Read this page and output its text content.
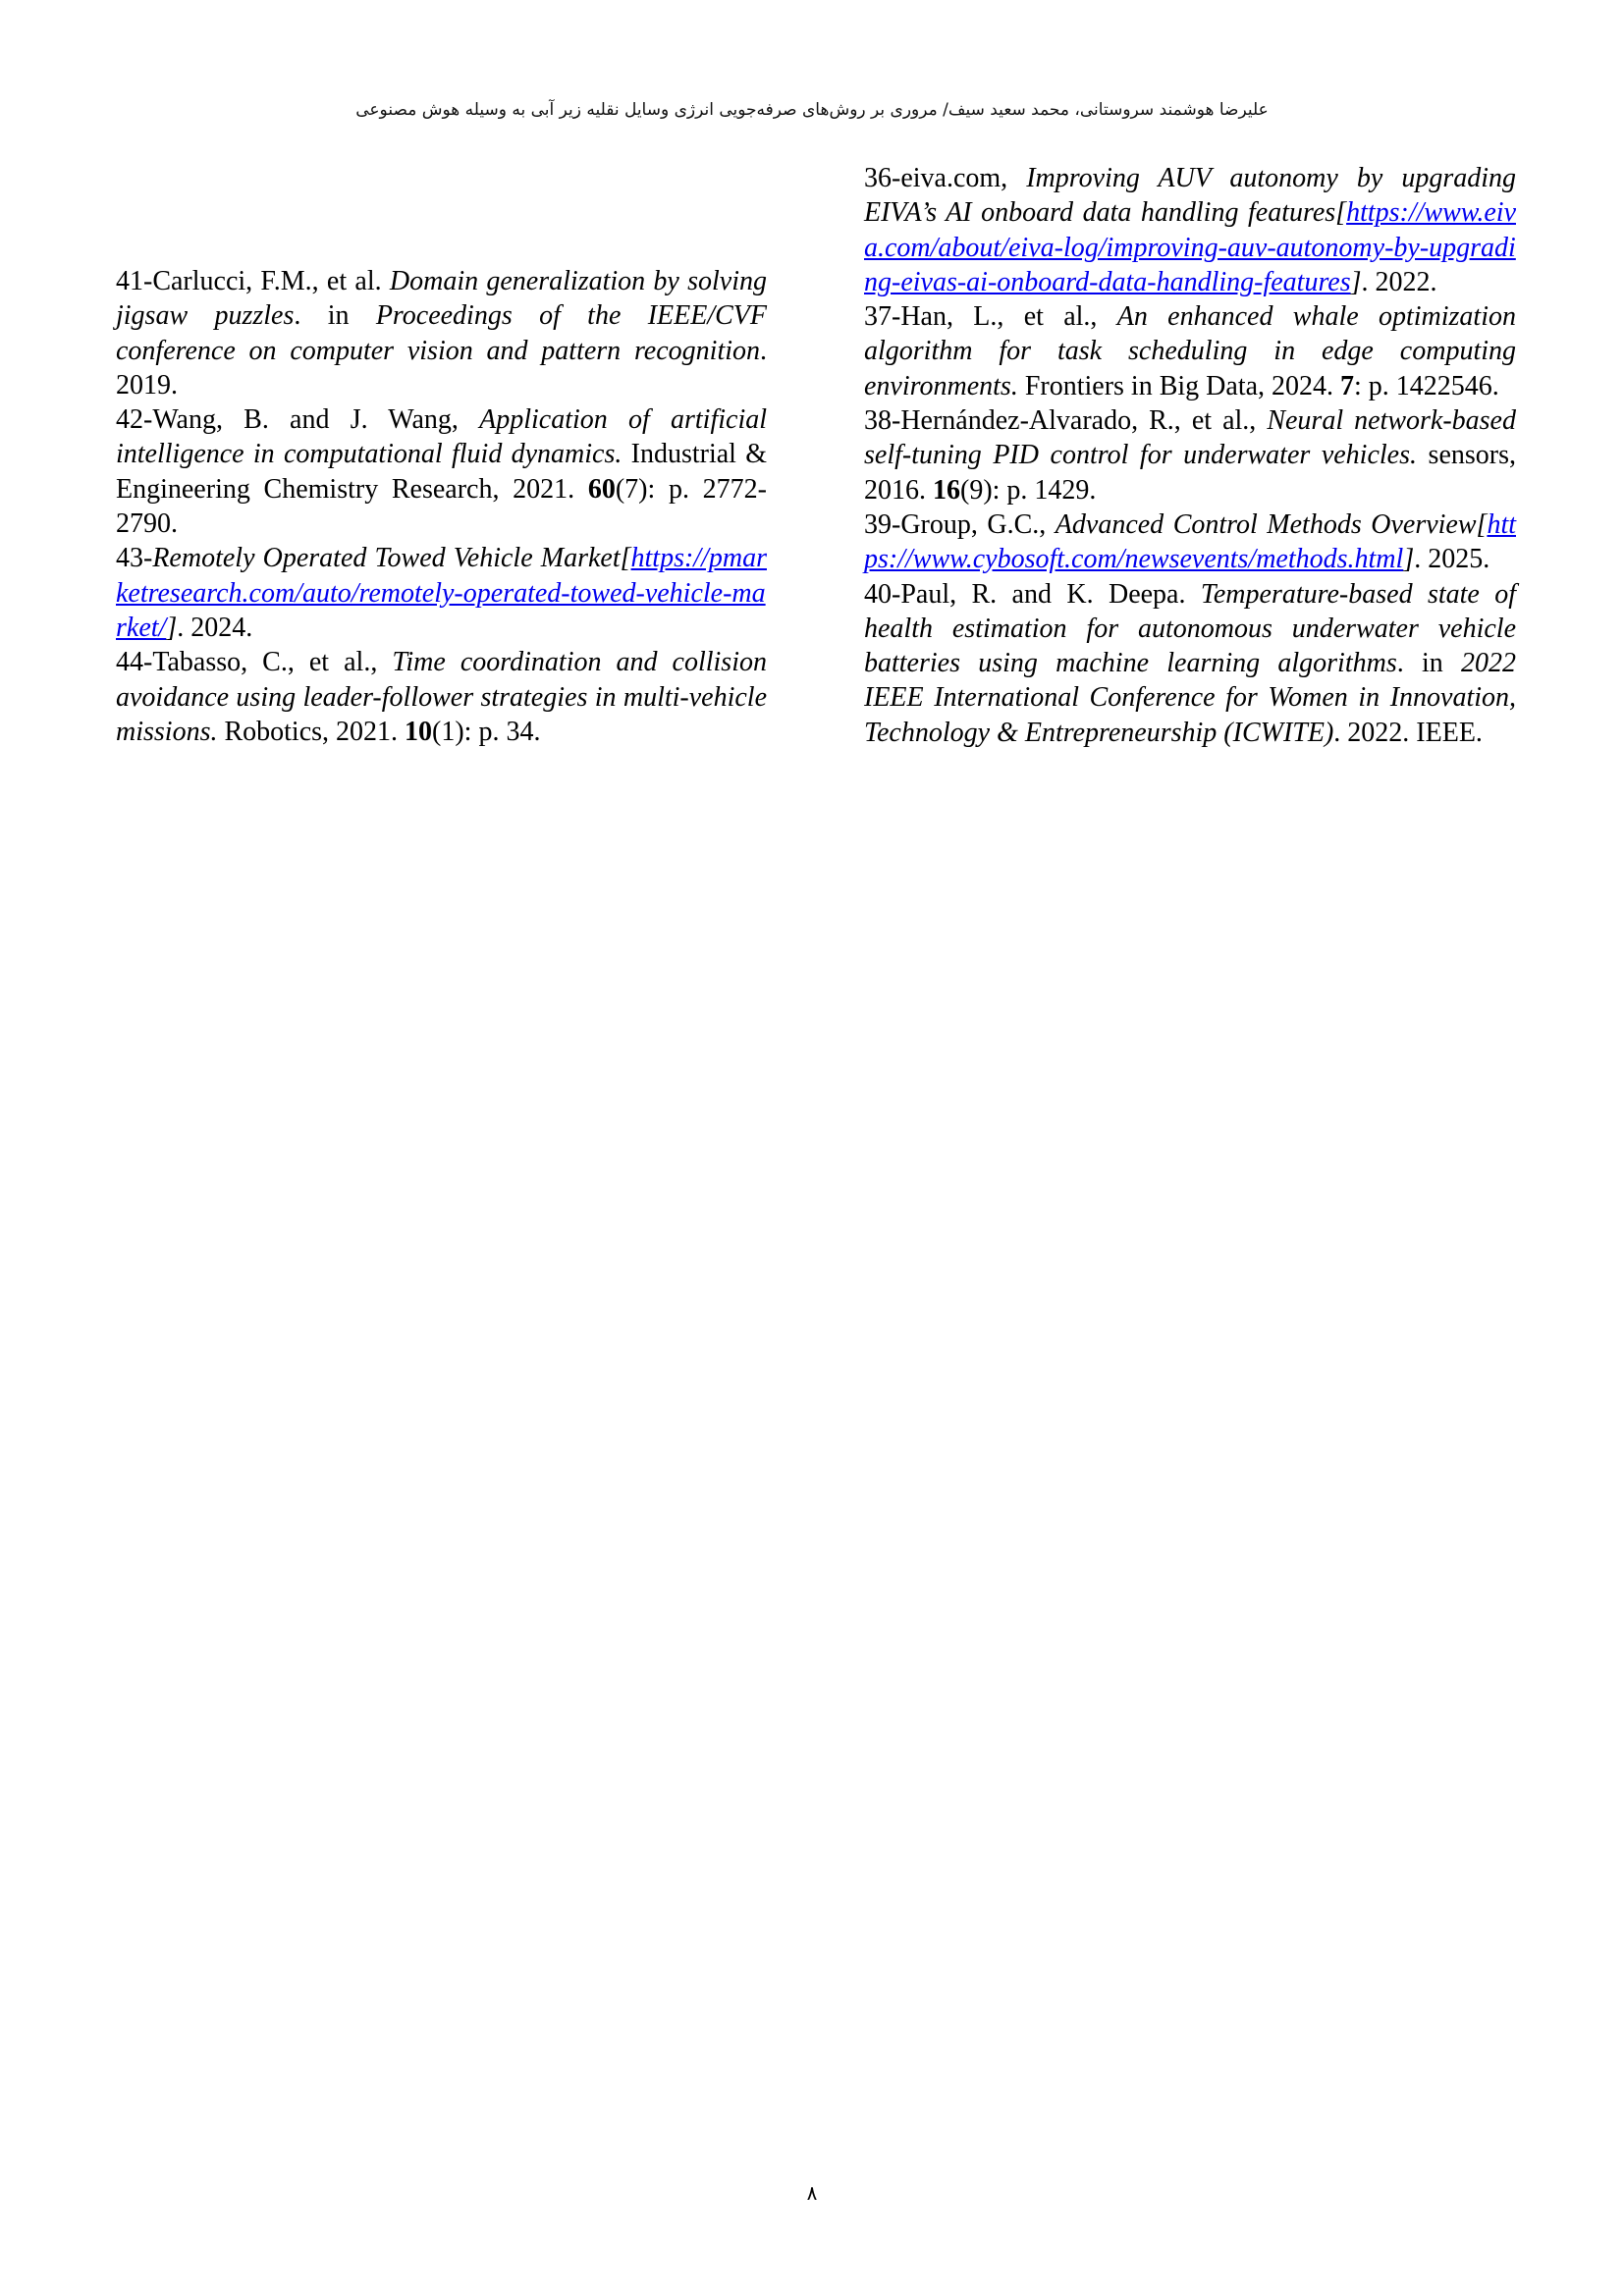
علیرضا هوشمند سروستانی، محمد سعید سیف/ مروری بر روش‌های صرفه‌جویی انرژی وسایل نقلیه زیر آبی به وسیله هوش مصنوعی

41-Carlucci, F.M., et al. Domain generalization by solving jigsaw puzzles. in Proceedings of the IEEE/CVF conference on computer vision and pattern recognition. 2019.

42-Wang, B. and J. Wang, Application of artificial intelligence in computational fluid dynamics. Industrial & Engineering Chemistry Research, 2021. 60(7): p. 2772-2790.

43-Remotely Operated Towed Vehicle Market[https://pmarketresearch.com/auto/remotely-operated-towed-vehicle-market/]. 2024.

44-Tabasso, C., et al., Time coordination and collision avoidance using leader-follower strategies in multi-vehicle missions. Robotics, 2021. 10(1): p. 34.

36-eiva.com, Improving AUV autonomy by upgrading EIVA’s AI onboard data handling features[https://www.eiva.com/about/eiva-log/improving-auv-autonomy-by-upgrading-eivas-ai-onboard-data-handling-features]. 2022.

37-Han, L., et al., An enhanced whale optimization algorithm for task scheduling in edge computing environments. Frontiers in Big Data, 2024. 7: p. 1422546.

38-Hernández-Alvarado, R., et al., Neural network-based self-tuning PID control for underwater vehicles. sensors, 2016. 16(9): p. 1429.

39-Group, G.C., Advanced Control Methods Overview[https://www.cybosoft.com/newsevents/methods.html]. 2025.

40-Paul, R. and K. Deepa. Temperature-based state of health estimation for autonomous underwater vehicle batteries using machine learning algorithms. in 2022 IEEE International Conference for Women in Innovation, Technology & Entrepreneurship (ICWITE). 2022. IEEE.

۸
